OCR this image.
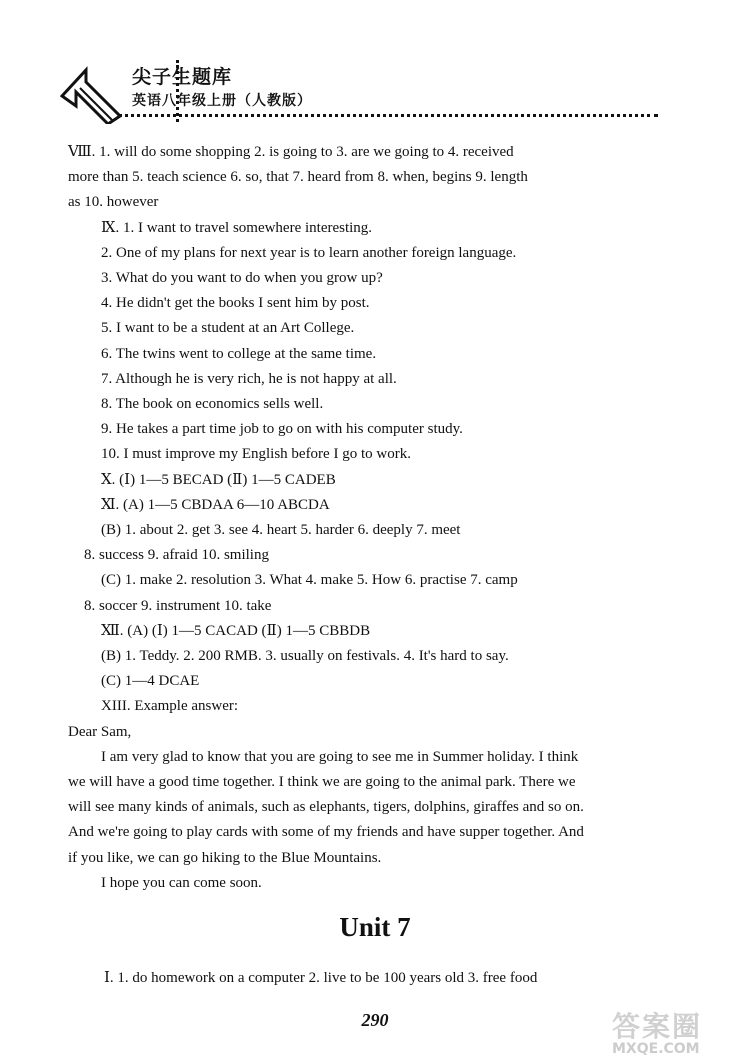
尖子生题库
英语八年级上册（人教版）

Ⅷ. 1. will do some shopping 2. is going to 3. are we going to 4. received

more than 5. teach science 6. so, that 7. heard from 8. when, begins 9. length

as 10. however

Ⅸ. 1. I want to travel somewhere interesting.

2. One of my plans for next year is to learn another foreign language.

3. What do you want to do when you grow up?

4. He didn't get the books I sent him by post.

5. I want to be a student at an Art College.

6. The twins went to college at the same time.

7. Although he is very rich, he is not happy at all.

8. The book on economics sells well.

9. He takes a part time job to go on with his computer study.

10. I must improve my English before I go to work.

Ⅹ. (Ⅰ) 1—5 BECAD (Ⅱ) 1—5 CADEB

Ⅺ. (A) 1—5 CBDAA 6—10 ABCDA

(B) 1. about 2. get 3. see 4. heart 5. harder 6. deeply 7. meet

8. success 9. afraid 10. smiling

(C) 1. make 2. resolution 3. What 4. make 5. How 6. practise 7. camp

8. soccer 9. instrument 10. take

Ⅻ. (A) (Ⅰ) 1—5 CACAD (Ⅱ) 1—5 CBBDB

(B) 1. Teddy. 2. 200 RMB. 3. usually on festivals. 4. It's hard to say.

(C) 1—4 DCAE

XIII. Example answer:

Dear Sam,

I am very glad to know that you are going to see me in Summer holiday. I think

we will have a good time together. I think we are going to the animal park. There we

will see many kinds of animals, such as elephants, tigers, dolphins, giraffes and so on.

And we're going to play cards with some of my friends and have supper together. And

if you like, we can go hiking to the Blue Mountains.

I hope you can come soon.

Unit 7
Ⅰ. 1. do homework on a computer 2. live to be 100 years old 3. free food
290	答案圈
MXQE.COM
